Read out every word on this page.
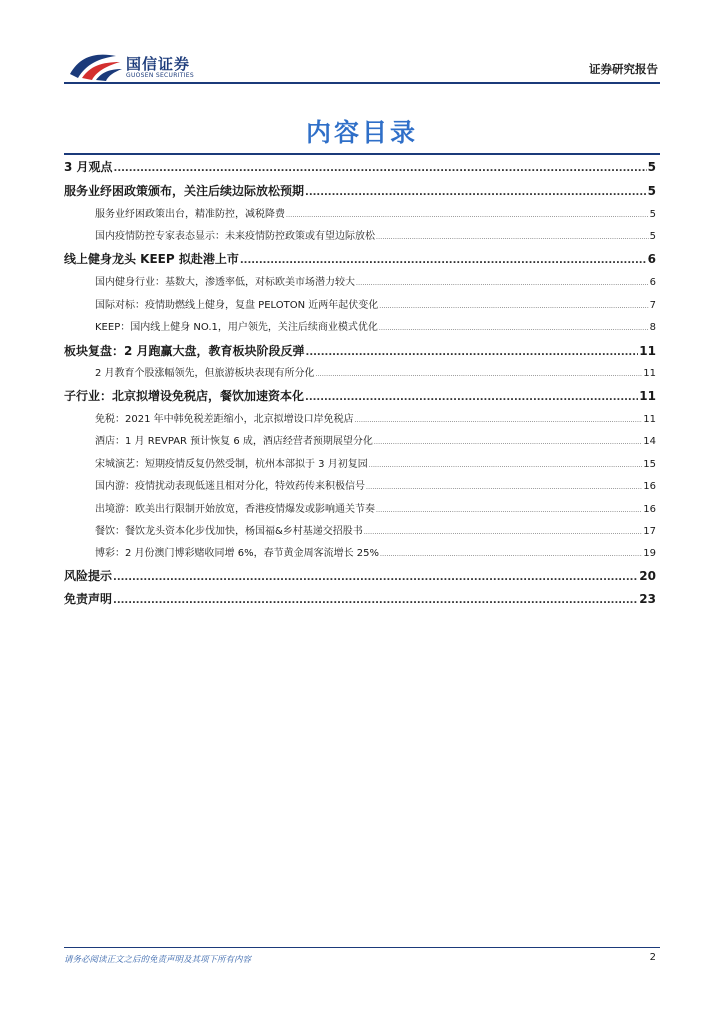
国信证券
GUOSEN SECURITIES	证券研究报告
内容目录
3 月观点 .....	5
服务业纾困政策颁布，关注后续边际放松预期 .....	5
服务业纾困政策出台，精准防控，减税降费 .....	5
国内疫情防控专家表态显示：未来疫情防控政策或有望边际放松 .....	5
线上健身龙头 KEEP 拟赴港上市 .....	6
国内健身行业：基数大，渗透率低，对标欧美市场潜力较大 .....	6
国际对标：疫情助燃线上健身，复盘 PELOTON 近两年起伏变化 .....	7
KEEP：国内线上健身 NO.1，用户领先，关注后续商业模式优化 .....	8
板块复盘：2 月跑赢大盘，教育板块阶段反弹 .....	11
2 月教育个股涨幅领先，但旅游板块表现有所分化 .....	11
子行业：北京拟增设免税店，餐饮加速资本化 .....	11
免税：2021 年中韩免税差距缩小，北京拟增设口岸免税店 .....	11
酒店：1 月 REVPAR 预计恢复 6 成，酒店经营者预期展望分化 .....	14
宋城演艺：短期疫情反复仍然受制，杭州本部拟于 3 月初复园 .....	15
国内游：疫情扰动表现低迷且相对分化，特效药传来积极信号 .....	16
出境游：欧美出行限制开始放宽，香港疫情爆发或影响通关节奏 .....	16
餐饮：餐饮龙头资本化步伐加快，杨国福&乡村基递交招股书 .....	17
博彩：2 月份澳门博彩赌收同增 6%，春节黄金周客流增长 25% .....	19
风险提示 .....	20
免责声明 .....	23
请务必阅读正文之后的免责声明及其项下所有内容	2
